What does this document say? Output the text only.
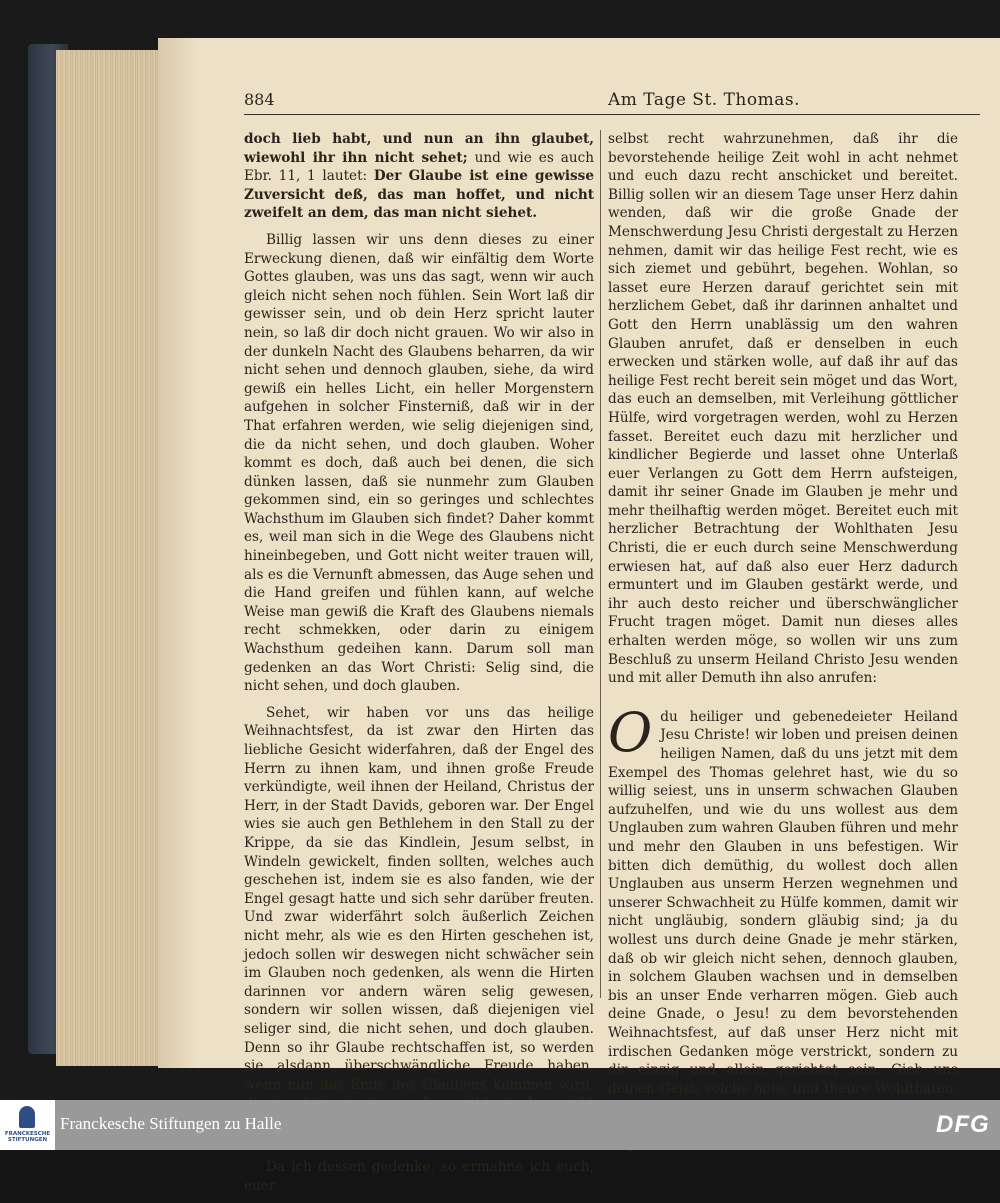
884	Am Tage St. Thomas.

doch lieb habt, und nun an ihn glaubet, wiewohl ihr ihn nicht sehet; und wie es auch Ebr. 11, 1 lautet: Der Glaube ist eine gewisse Zuversicht deß, das man hoffet, und nicht zweifelt an dem, das man nicht siehet.

Billig lassen wir uns denn dieses zu einer Erweckung dienen, daß wir einfältig dem Worte Gottes glauben, was uns das sagt, wenn wir auch gleich nicht sehen noch fühlen. Sein Wort laß dir gewisser sein, und ob dein Herz spricht lauter nein, so laß dir doch nicht grauen. Wo wir also in der dunkeln Nacht des Glaubens beharren, da wir nicht sehen und dennoch glauben, siehe, da wird gewiß ein helles Licht, ein heller Morgenstern aufgehen in solcher Finsterniß, daß wir in der That erfahren werden, wie selig diejenigen sind, die da nicht sehen, und doch glauben. Woher kommt es doch, daß auch bei denen, die sich dünken lassen, daß sie nunmehr zum Glauben gekommen sind, ein so geringes und schlechtes Wachsthum im Glauben sich findet? Daher kommt es, weil man sich in die Wege des Glaubens nicht hineinbegeben, und Gott nicht weiter trauen will, als es die Vernunft abmessen, das Auge sehen und die Hand greifen und fühlen kann, auf welche Weise man gewiß die Kraft des Glaubens niemals recht schmekken, oder darin zu einigem Wachsthum gedeihen kann. Darum soll man gedenken an das Wort Christi: Selig sind, die nicht sehen, und doch glauben.

Sehet, wir haben vor uns das heilige Weihnachtsfest, da ist zwar den Hirten das liebliche Gesicht widerfahren, daß der Engel des Herrn zu ihnen kam, und ihnen große Freude verkündigte, weil ihnen der Heiland, Christus der Herr, in der Stadt Davids, geboren war. Der Engel wies sie auch gen Bethlehem in den Stall zu der Krippe, da sie das Kindlein, Jesum selbst, in Windeln gewickelt, finden sollten, welches auch geschehen ist, indem sie es also fanden, wie der Engel gesagt hatte und sich sehr darüber freuten. Und zwar widerfährt solch äußerlich Zeichen nicht mehr, als wie es den Hirten geschehen ist, jedoch sollen wir deswegen nicht schwächer sein im Glauben noch gedenken, als wenn die Hirten darinnen vor andern wären selig gewesen, sondern wir sollen wissen, daß diejenigen viel seliger sind, die nicht sehen, und doch glauben. Denn so ihr Glaube rechtschaffen ist, so werden sie alsdann überschwängliche Freude haben, wenn nun das Ende des Glaubens kommen wird,

Da ich dessen gedenke, so ermahne ich euch, euer

selbst recht wahrzunehmen, daß ihr die bevorstehende heilige Zeit wohl in acht nehmet und euch dazu recht anschicket und bereitet. Billig sollen wir an diesem Tage unser Herz dahin wenden, daß wir die große Gnade der Menschwerdung Jesu Christi dergestalt zu Herzen nehmen, damit wir das heilige Fest recht, wie es sich ziemet und gebührt, begehen. Wohlan, so lasset eure Herzen darauf gerichtet sein mit herzlichem Gebet, daß ihr darinnen anhaltet und Gott den Herrn unablässig um den wahren Glauben anrufet, daß er denselben in euch erwecken und stärken wolle, auf daß ihr auf das heilige Fest recht bereit sein möget und das Wort, das euch an demselben, mit Verleihung göttlicher Hülfe, wird vorgetragen werden, wohl zu Herzen fasset. Bereitet euch dazu mit herzlicher und kindlicher Begierde und lasset ohne Unterlaß euer Verlangen zu Gott dem Herrn aufsteigen, damit ihr seiner Gnade im Glauben je mehr und mehr theilhaftig werden möget. Bereitet euch mit herzlicher Betrachtung der Wohlthaten Jesu Christi, die er euch durch seine Menschwerdung erwiesen hat, auf daß also euer Herz dadurch ermuntert und im Glauben gestärkt werde, und ihr auch desto reicher und überschwänglicher Frucht tragen möget. Damit nun dieses alles erhalten werden möge, so wollen wir uns zum Beschluß zu unserm Heiland Christo Jesu wenden und mit aller Demuth ihn also anrufen:

O du heiliger und gebenedeieter Heiland Jesu Christe! wir loben und preisen deinen heiligen Namen, daß du uns jetzt mit dem Exempel des Thomas gelehret hast, wie du so willig seiest, uns in unserm schwachen Glauben aufzuhelfen, und wie du uns wollest aus dem Unglauben zum wahren Glauben führen und mehr und mehr den Glauben in uns befestigen. Wir bitten dich demüthig, du wollest doch allen Unglauben aus unserm Herzen wegnehmen und unserer Schwachheit zu Hülfe kommen, damit wir nicht ungläubig, sondern gläubig sind; ja du wollest uns durch deine Gnade je mehr stärken, daß ob wir gleich nicht sehen, dennoch glauben, in solchem Glauben wachsen und in demselben bis an unser Ende verharren mögen. Gieb auch deine Gnade, o Jesu! zu dem bevorstehenden Weihnachtsfest, auf daß unser Herz nicht mit irdischen Gedanken möge verstrickt, sondern zu dir einzig und allein gerichtet sein. Gieb uns deinen Geist, solche hohe und theure Wohlthaten,

FRANCKESCHE STIFTUNGEN
Franckesche Stiftungen zu Halle	DFG
